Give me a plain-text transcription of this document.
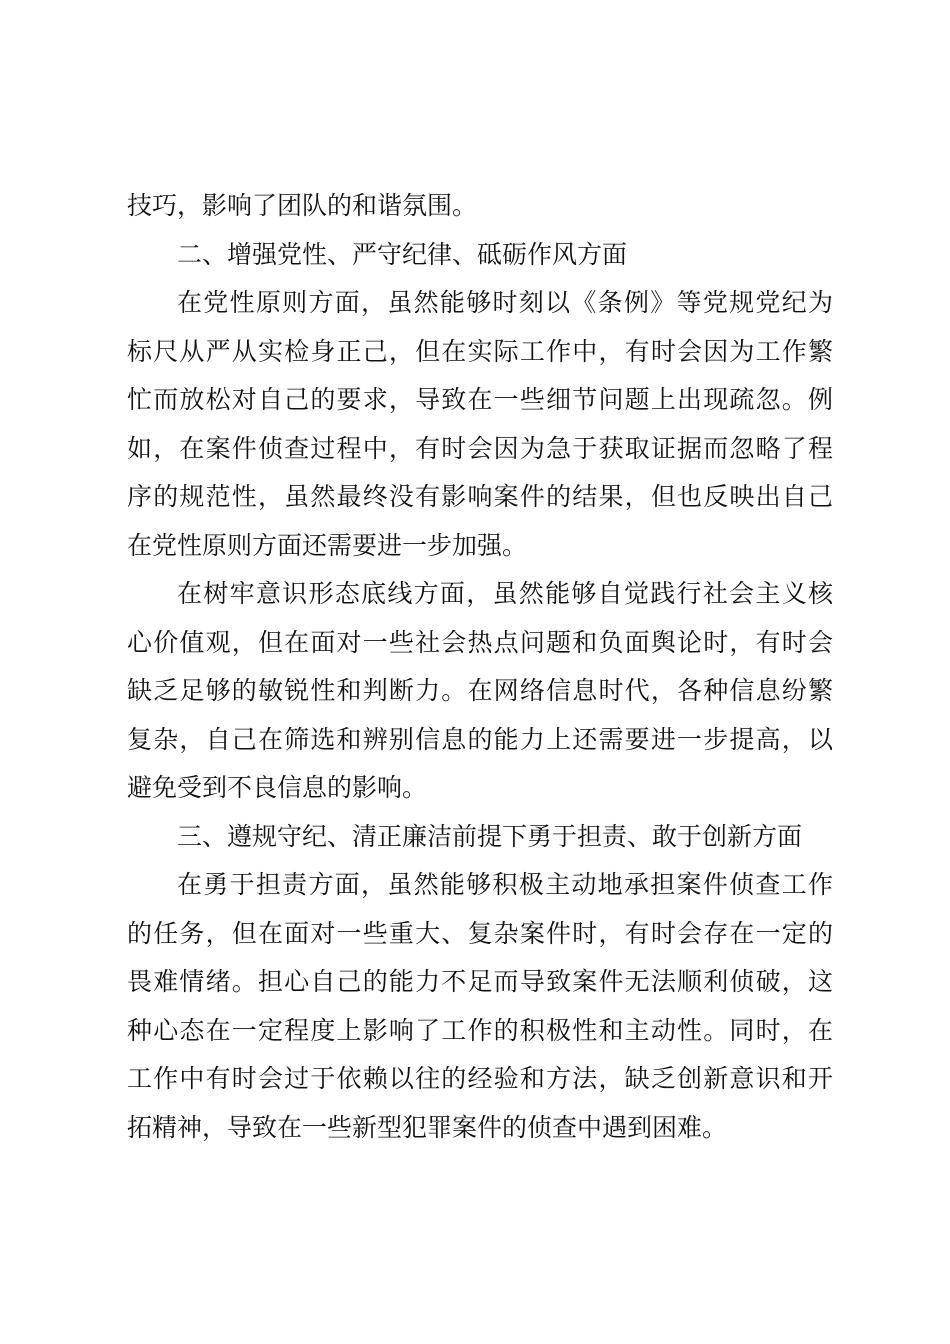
技巧，影响了团队的和谐氛围。
二、增强党性、严守纪律、砥砺作风方面
在党性原则方面，虽然能够时刻以《条例》等党规党纪为
标尺从严从实检身正己，但在实际工作中，有时会因为工作繁
忙而放松对自己的要求，导致在一些细节问题上出现疏忽。例
如，在案件侦查过程中，有时会因为急于获取证据而忽略了程
序的规范性，虽然最终没有影响案件的结果，但也反映出自己
在党性原则方面还需要进一步加强。
在树牢意识形态底线方面，虽然能够自觉践行社会主义核
心价值观，但在面对一些社会热点问题和负面舆论时，有时会
缺乏足够的敏锐性和判断力。在网络信息时代，各种信息纷繁
复杂，自己在筛选和辨别信息的能力上还需要进一步提高，以
避免受到不良信息的影响。
三、遵规守纪、清正廉洁前提下勇于担责、敢于创新方面
在勇于担责方面，虽然能够积极主动地承担案件侦查工作
的任务，但在面对一些重大、复杂案件时，有时会存在一定的
畏难情绪。担心自己的能力不足而导致案件无法顺利侦破，这
种心态在一定程度上影响了工作的积极性和主动性。同时，在
工作中有时会过于依赖以往的经验和方法，缺乏创新意识和开
拓精神，导致在一些新型犯罪案件的侦查中遇到困难。
